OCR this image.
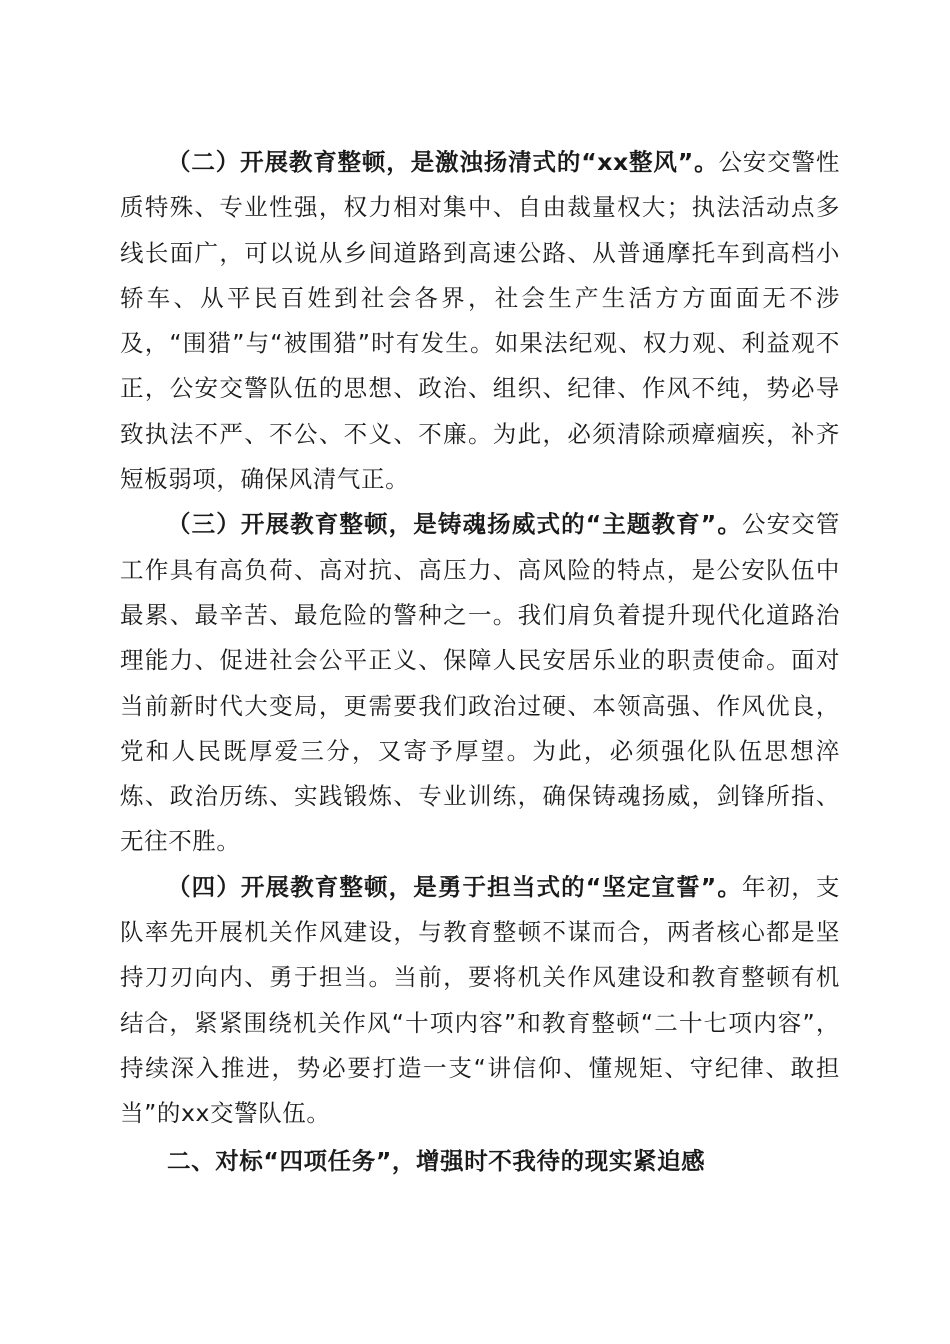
（二）开展教育整顿，是激浊扬清式的“xx整风”。公安交警性质特殊、专业性强，权力相对集中、自由裁量权大；执法活动点多线长面广，可以说从乡间道路到高速公路、从普通摩托车到高档小轿车、从平民百姓到社会各界，社会生产生活方方面面无不涉及，“围猎”与“被围猎”时有发生。如果法纪观、权力观、利益观不正，公安交警队伍的思想、政治、组织、纪律、作风不纯，势必导致执法不严、不公、不义、不廉。为此，必须清除顽瘴痼疾，补齐短板弱项，确保风清气正。

（三）开展教育整顿，是铸魂扬威式的“主题教育”。公安交管工作具有高负荷、高对抗、高压力、高风险的特点，是公安队伍中最累、最辛苦、最危险的警种之一。我们肩负着提升现代化道路治理能力、促进社会公平正义、保障人民安居乐业的职责使命。面对当前新时代大变局，更需要我们政治过硬、本领高强、作风优良，党和人民既厚爱三分，又寄予厚望。为此，必须强化队伍思想淬炼、政治历练、实践锻炼、专业训练，确保铸魂扬威，剑锋所指、无往不胜。

（四）开展教育整顿，是勇于担当式的“坚定宣誓”。年初，支队率先开展机关作风建设，与教育整顿不谋而合，两者核心都是坚持刀刃向内、勇于担当。当前，要将机关作风建设和教育整顿有机结合，紧紧围绕机关作风“十项内容”和教育整顿“二十七项内容”，持续深入推进，势必要打造一支“讲信仰、懂规矩、守纪律、敢担当”的xx交警队伍。

二、对标“四项任务”，增强时不我待的现实紧迫感
